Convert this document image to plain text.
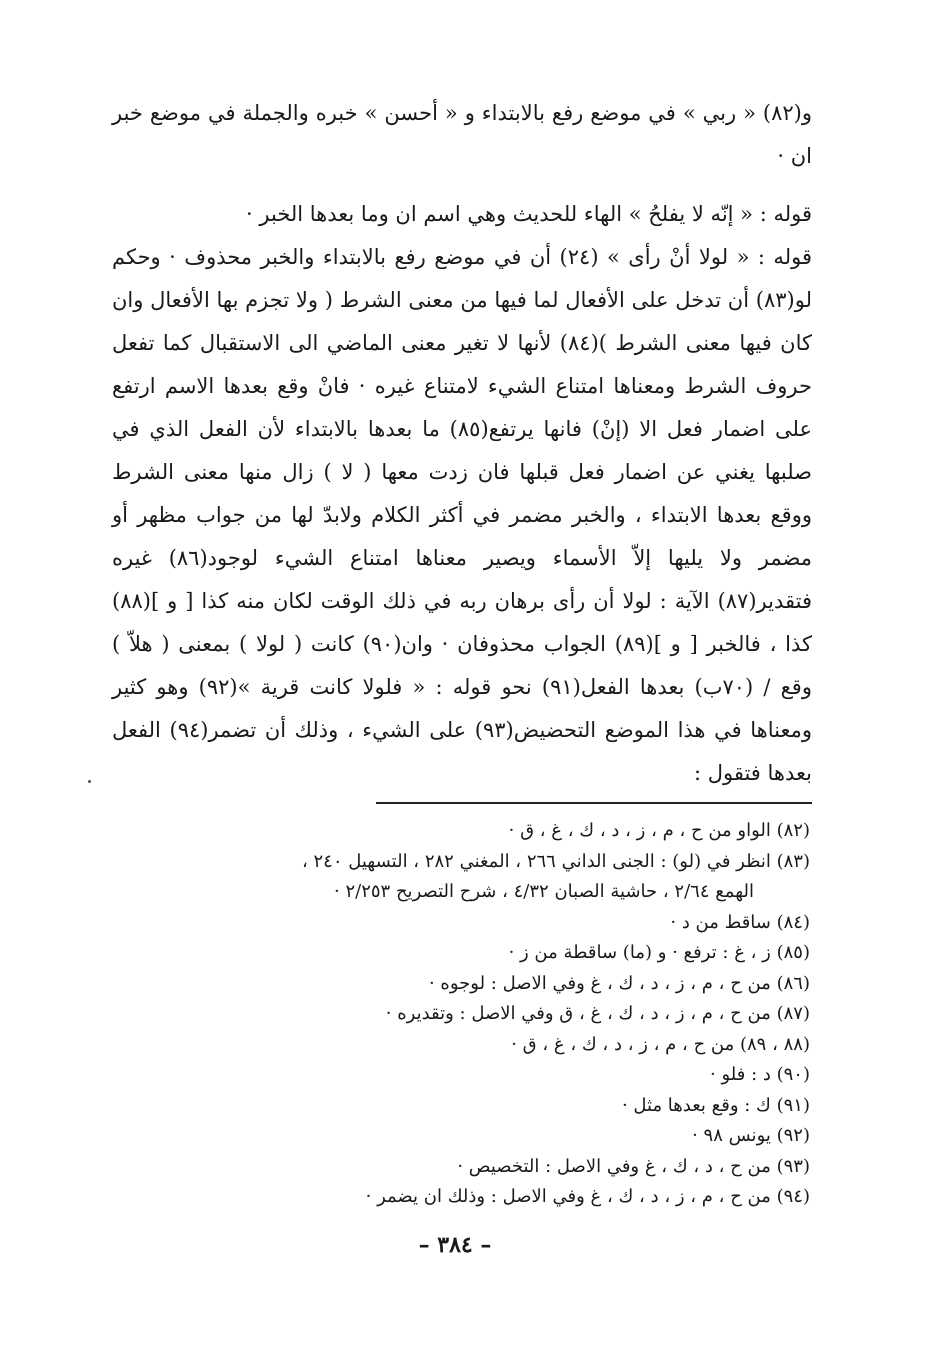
و(٨٢) « ربي » في موضع رفع بالابتداء و « أحسن » خبره والجملة في موضع خبر ان ·

قوله : « إنّه لا يفلحُ » الهاء للحديث وهي اسم ان وما بعدها الخبر ·

قوله : « لولا أنْ رأى » (٢٤) أن في موضع رفع بالابتداء والخبر محذوف · وحكم لو(٨٣) أن تدخل على الأفعال لما فيها من معنى الشرط ( ولا تجزم بها الأفعال وان كان فيها معنى الشرط )(٨٤) لأنها لا تغير معنى الماضي الى الاستقبال كما تفعل حروف الشرط ومعناها امتناع الشيء لامتناع غيره · فانْ وقع بعدها الاسم ارتفع على اضمار فعل الا (إنْ) فانها يرتفع(٨٥) ما بعدها بالابتداء لأن الفعل الذي في صلبها يغني عن اضمار فعل قبلها فان زدت معها ( لا ) زال منها معنى الشرط ووقع بعدها الابتداء ، والخبر مضمر في أكثر الكلام ولابدّ لها من جواب مظهر أو مضمر ولا يليها إلاّ الأسماء ويصير معناها امتناع الشيء لوجود(٨٦) غيره فتقدير(٨٧) الآية : لولا أن رأى برهان ربه في ذلك الوقت لكان منه كذا [ و ](٨٨) كذا ، فالخبر [ و ](٨٩) الجواب محذوفان · وان(٩٠) كانت ( لولا ) بمعنى ( هلاّ ) وقع / (٧٠ب) بعدها الفعل(٩١) نحو قوله : « فلولا كانت قرية »(٩٢) وهو كثير ومعناها في هذا الموضع التحضيض(٩٣) على الشيء ، وذلك أن تضمر(٩٤) الفعل بعدها فتقول :

(٨٢) الواو من ح ، م ، ز ، د ، ك ، غ ، ق ·

(٨٣) انظر في (لو) : الجنى الداني ٢٦٦ ، المغني ٢٨٢ ، التسهيل ٢٤٠ ،

الهمع ٢/٦٤ ، حاشية الصبان ٤/٣٢ ، شرح التصريح ٢/٢٥٣ ·

(٨٤) ساقط من د ·

(٨٥) ز ، غ : ترفع · و (ما) ساقطة من ز ·

(٨٦) من ح ، م ، ز ، د ، ك ، غ وفي الاصل : لوجوه ·

(٨٧) من ح ، م ، ز ، د ، ك ، غ ، ق وفي الاصل : وتقديره ·

(٨٨ ، ٨٩) من ح ، م ، ز ، د ، ك ، غ ، ق ·

(٩٠) د : فلو ·

(٩١) ك : وقع بعدها مثل ·

(٩٢) يونس ٩٨ ·

(٩٣) من ح ، د ، ك ، غ وفي الاصل : التخصيص ·

(٩٤) من ح ، م ، ز ، د ، ك ، غ وفي الاصل : وذلك ان يضمر ·

– ٣٨٤ –
